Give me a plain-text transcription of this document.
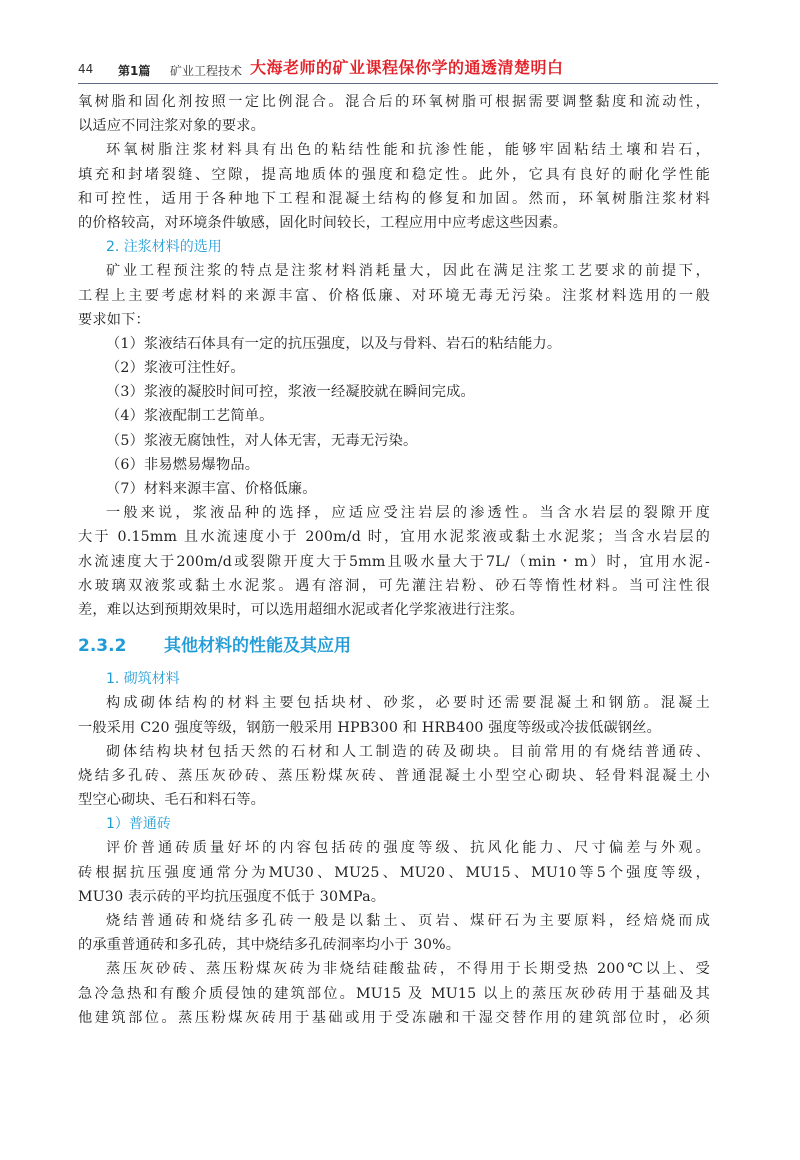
44 第1篇 矿业工程技术 大海老师的矿业课程保你学的通透清楚明白
氧树脂和固化剂按照一定比例混合。混合后的环氧树脂可根据需要调整黏度和流动性，
以适应不同注浆对象的要求。
环氧树脂注浆材料具有出色的粘结性能和抗渗性能，能够牢固粘结土壤和岩石，
填充和封堵裂缝、空隙，提高地质体的强度和稳定性。此外，它具有良好的耐化学性能
和可控性，适用于各种地下工程和混凝土结构的修复和加固。然而，环氧树脂注浆材料
的价格较高，对环境条件敏感，固化时间较长，工程应用中应考虑这些因素。
2. 注浆材料的选用
矿业工程预注浆的特点是注浆材料消耗量大，因此在满足注浆工艺要求的前提下，
工程上主要考虑材料的来源丰富、价格低廉、对环境无毒无污染。注浆材料选用的一般
要求如下：
（1）浆液结石体具有一定的抗压强度，以及与骨料、岩石的粘结能力。
（2）浆液可注性好。
（3）浆液的凝胶时间可控，浆液一经凝胶就在瞬间完成。
（4）浆液配制工艺简单。
（5）浆液无腐蚀性，对人体无害，无毒无污染。
（6）非易燃易爆物品。
（7）材料来源丰富、价格低廉。
一般来说，浆液品种的选择，应适应受注岩层的渗透性。当含水岩层的裂隙开度
大于 0.15mm 且水流速度小于 200m/d 时，宜用水泥浆液或黏土水泥浆；当含水岩层的
水流速度大于200m/d或裂隙开度大于5mm且吸水量大于7L/（min・m）时，宜用水泥-
水玻璃双液浆或黏土水泥浆。遇有溶洞，可先灌注岩粉、砂石等惰性材料。当可注性很
差，难以达到预期效果时，可以选用超细水泥或者化学浆液进行注浆。
2.3.2 其他材料的性能及其应用
1. 砌筑材料
构成砌体结构的材料主要包括块材、砂浆，必要时还需要混凝土和钢筋。混凝土
一般采用 C20 强度等级，钢筋一般采用 HPB300 和 HRB400 强度等级或冷拔低碳钢丝。
砌体结构块材包括天然的石材和人工制造的砖及砌块。目前常用的有烧结普通砖、
烧结多孔砖、蒸压灰砂砖、蒸压粉煤灰砖、普通混凝土小型空心砌块、轻骨料混凝土小
型空心砌块、毛石和料石等。
1）普通砖
评价普通砖质量好坏的内容包括砖的强度等级、抗风化能力、尺寸偏差与外观。
砖根据抗压强度通常分为MU30、MU25、MU20、MU15、MU10等5个强度等级，
MU30 表示砖的平均抗压强度不低于 30MPa。
烧结普通砖和烧结多孔砖一般是以黏土、页岩、煤矸石为主要原料，经焙烧而成
的承重普通砖和多孔砖，其中烧结多孔砖洞率均小于 30%。
蒸压灰砂砖、蒸压粉煤灰砖为非烧结硅酸盐砖，不得用于长期受热 200℃以上、受
急冷急热和有酸介质侵蚀的建筑部位。MU15 及 MU15 以上的蒸压灰砂砖用于基础及其
他建筑部位。蒸压粉煤灰砖用于基础或用于受冻融和干湿交替作用的建筑部位时，必须
